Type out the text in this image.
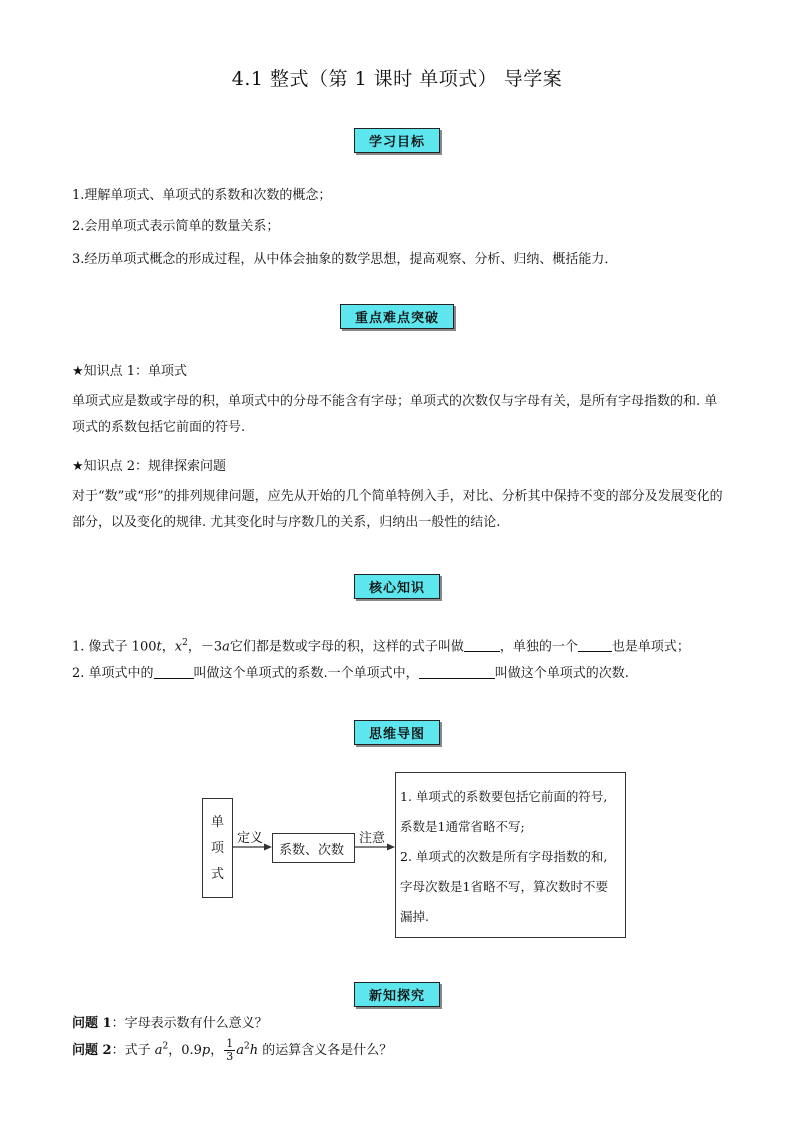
4.1 整式（第 1 课时 单项式） 导学案
学习目标
1.理解单项式、单项式的系数和次数的概念；
2.会用单项式表示简单的数量关系；
3.经历单项式概念的形成过程，从中体会抽象的数学思想，提高观察、分析、归纳、概括能力．
重点难点突破
★知识点 1：单项式
单项式应是数或字母的积，单项式中的分母不能含有字母；单项式的次数仅与字母有关，是所有字母指数的和. 单项式的系数包括它前面的符号.
★知识点 2：规律探索问题
对于“数”或“形”的排列规律问题，应先从开始的几个简单特例入手，对比、分析其中保持不变的部分及发展变化的部分，以及变化的规律. 尤其变化时与序数几的关系，归纳出一般性的结论.
核心知识
1. 像式子 100t，$x^2$，－3a它们都是数或字母的积，这样的式子叫做	，单独的一个	也是单项式；
2. 单项式中的	叫做这个单项式的系数.一个单项式中，	叫做这个单项式的次数.
思维导图
单
项
式
定义
系数、次数
注意
1. 单项式的系数要包括它前面的符号,
系数是1通常省略不写;
2. 单项式的次数是所有字母指数的和,
字母次数是1省略不写，算次数时不要
漏掉.
新知探究
问题 1：字母表示数有什么意义？
问题 2：式子 $a^2$，0.9p， $\frac{1}{3} a^2h$ 的运算含义各是什么？
